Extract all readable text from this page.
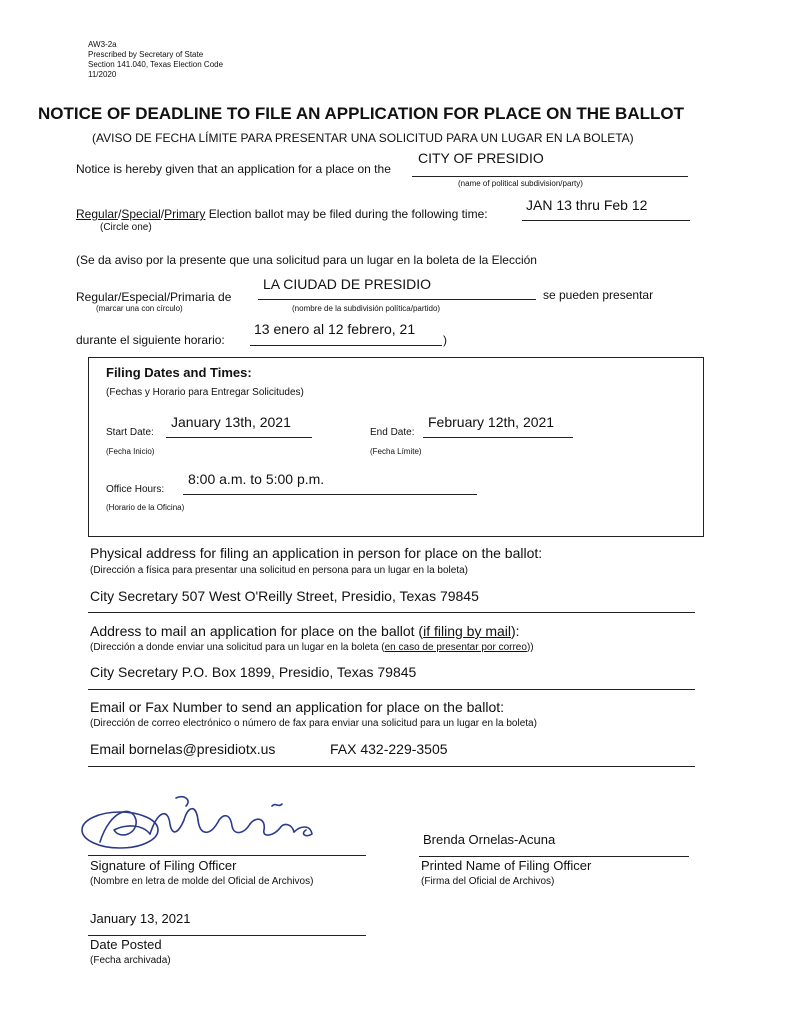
AW3-2a
Prescribed by Secretary of State
Section 141.040, Texas Election Code
11/2020
NOTICE OF DEADLINE TO FILE AN APPLICATION FOR PLACE ON THE BALLOT
(AVISO DE FECHA LÍMITE PARA PRESENTAR UNA SOLICITUD PARA UN LUGAR EN LA BOLETA)
Notice is hereby given that an application for a place on the
CITY OF PRESIDIO
(name of political subdivision/party)
Regular/Special/Primary Election ballot may be filed during the following time:
JAN 13 thru Feb 12
(Circle one)
(Se da aviso por la presente que una solicitud para un lugar en la boleta de la Elección
Regular/Especial/Primaria de
LA CIUDAD DE PRESIDIO
se pueden presentar
(marcar una con círculo)	(nombre de la subdivisión política/partido)
durante el siguiente horario:
13 enero al 12 febrero, 21
)
Filing Dates and Times:
(Fechas y Horario para Entregar Solicitudes)
Start Date:
January 13th, 2021
(Fecha Inicio)
End Date:
February 12th, 2021
(Fecha Límite)
Office Hours:
8:00 a.m. to 5:00 p.m.
(Horario de la Oficina)
Physical address for filing an application in person for place on the ballot:
(Dirección a física para presentar una solicitud en persona para un lugar en la boleta)
City Secretary 507 West O'Reilly Street, Presidio, Texas 79845
Address to mail an application for place on the ballot (if filing by mail):
(Dirección a donde enviar una solicitud para un lugar en la boleta (en caso de presentar por correo))
City Secretary P.O. Box 1899, Presidio, Texas 79845
Email or Fax Number to send an application for place on the ballot:
(Dirección de correo electrónico o número de fax para enviar una solicitud para un lugar en la boleta)
Email bornelas@presidiotx.us	FAX 432-229-3505
Signature of Filing Officer
(Nombre en letra de molde del Oficial de Archivos)
Brenda Ornelas-Acuna
Printed Name of Filing Officer
(Firma del Oficial de Archivos)
January 13, 2021
Date Posted
(Fecha archivada)
